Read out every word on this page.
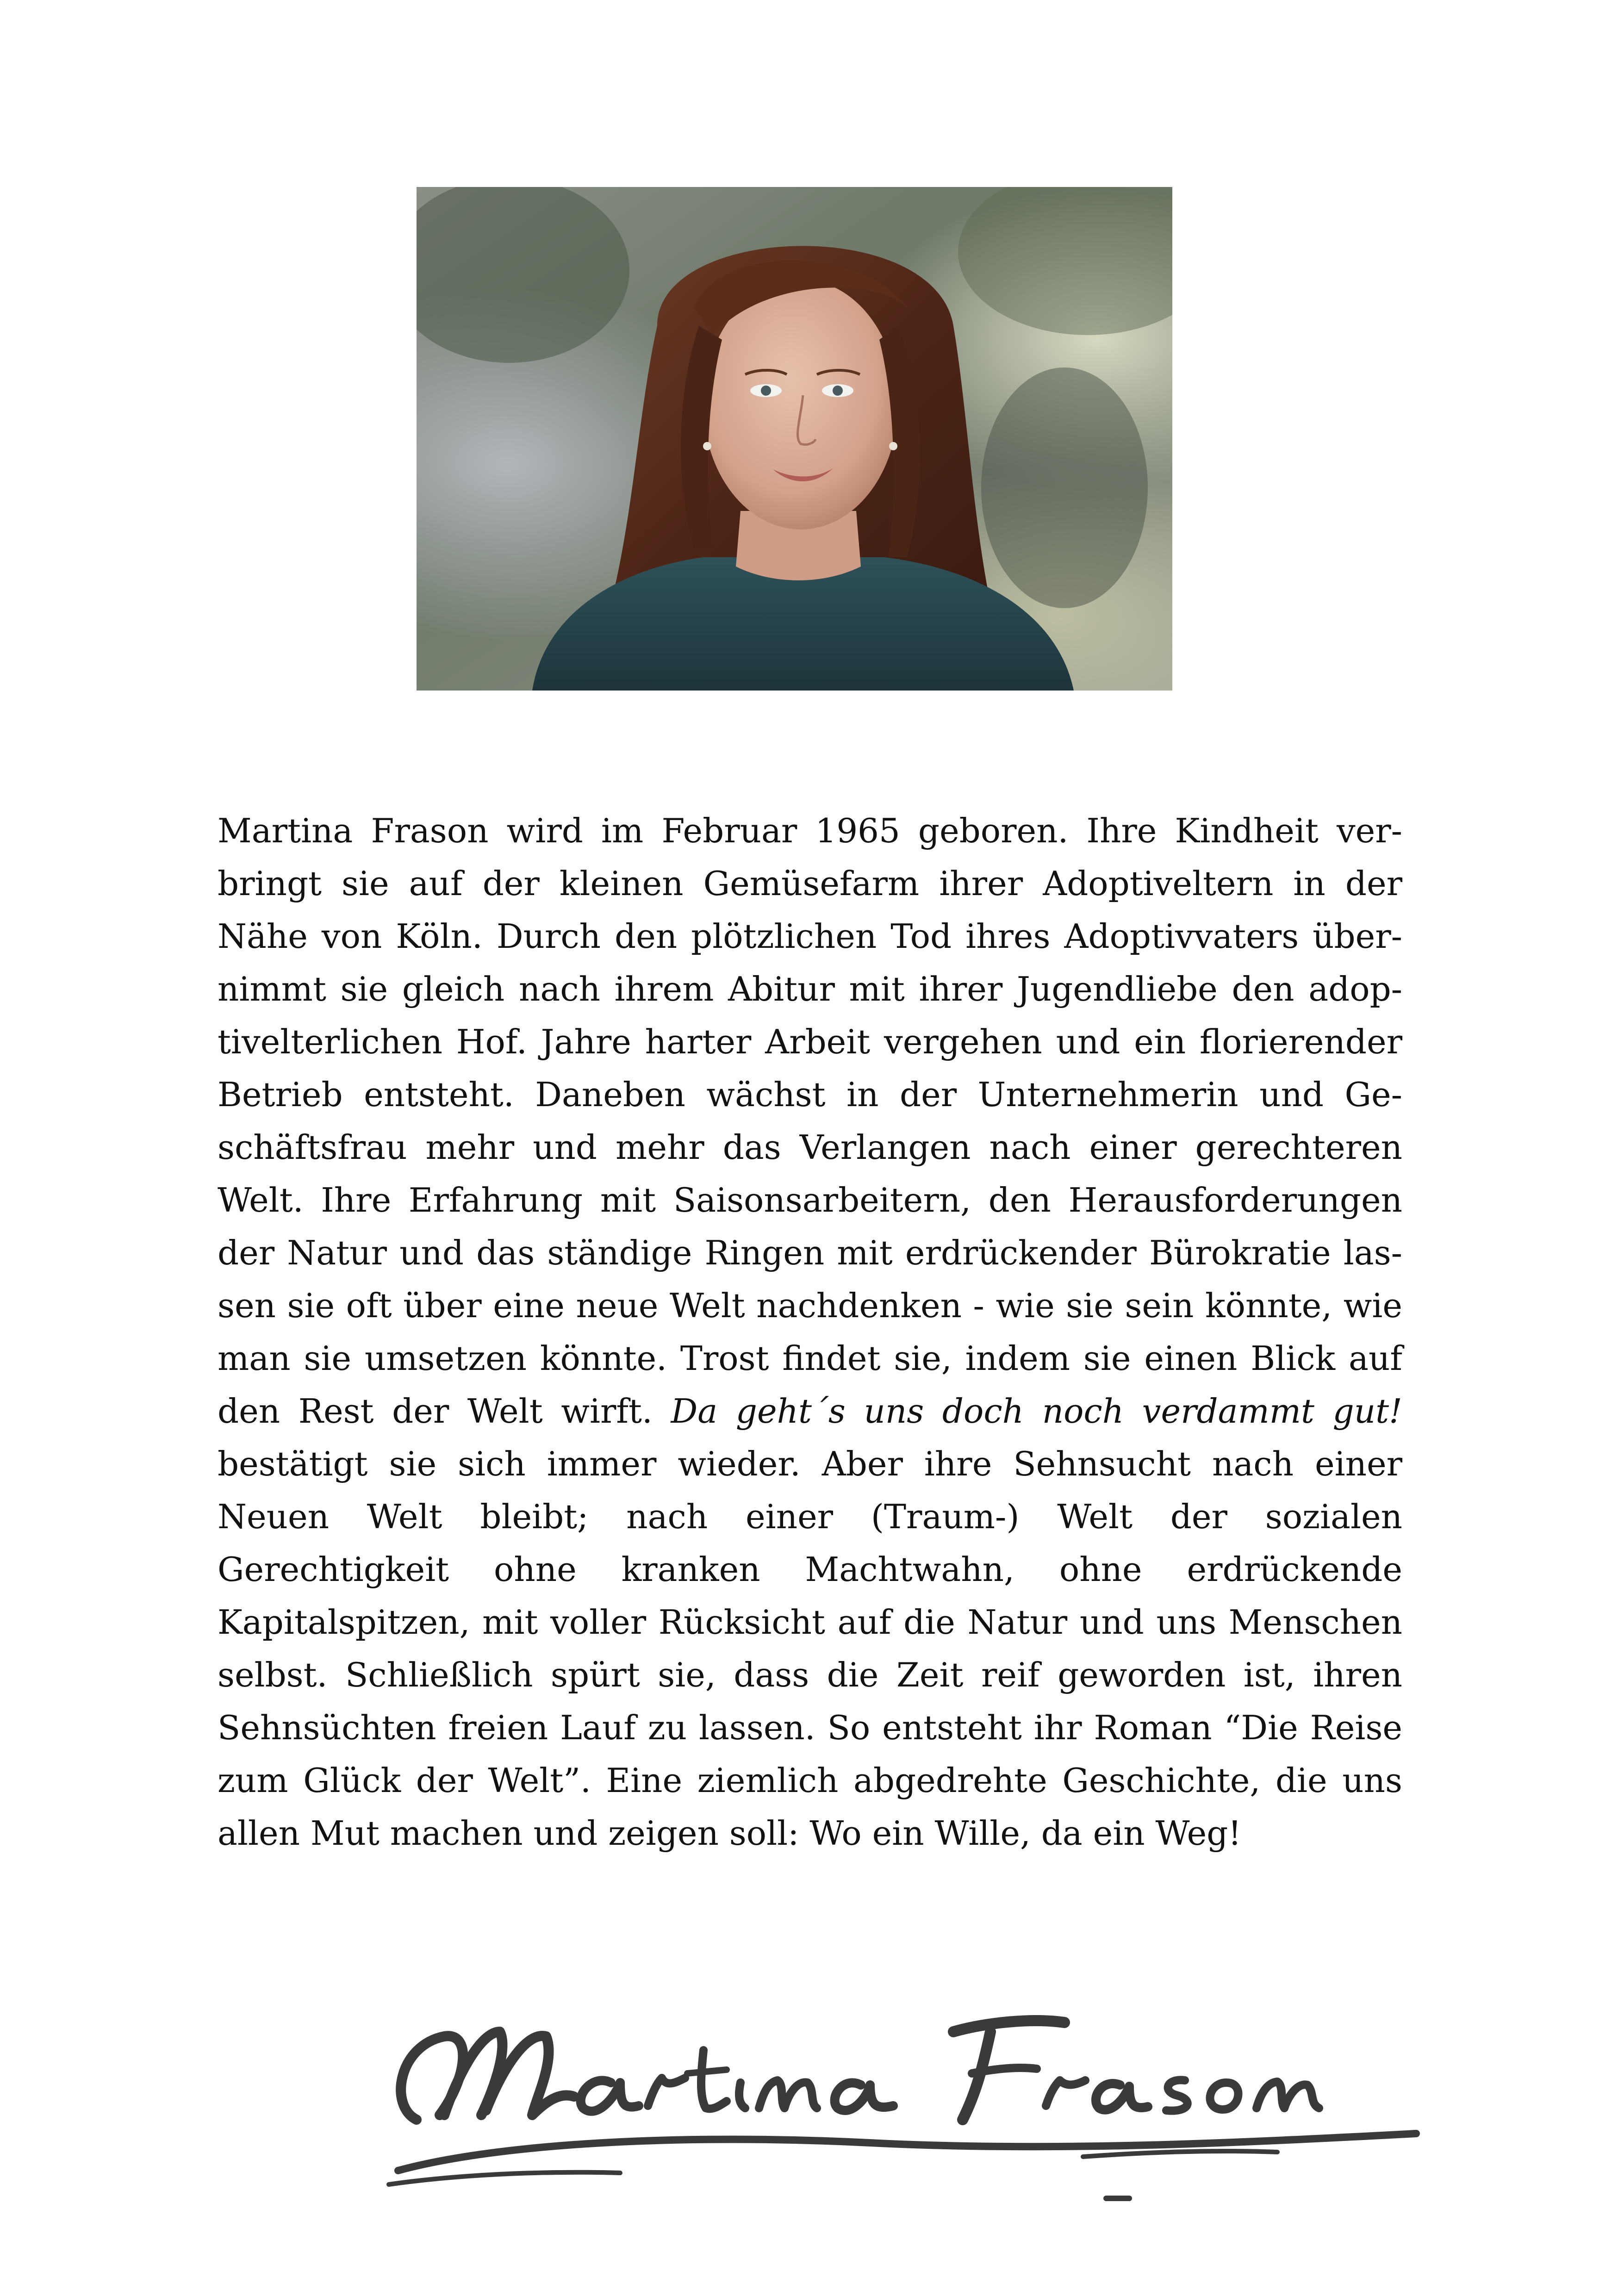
Martina Frason wird im Februar 1965 geboren. Ihre Kindheit verbringt sie auf der kleinen Gemüsefarm ihrer Adoptiveltern in der Nähe von Köln. Durch den plötzlichen Tod ihres Adoptivvaters übernimmt sie gleich nach ihrem Abitur mit ihrer Jugendliebe den adoptivelterlichen Hof. Jahre harter Arbeit vergehen und ein florierender Betrieb entsteht. Daneben wächst in der Unternehmerin und Geschäftsfrau mehr und mehr das Verlangen nach einer gerechteren Welt. Ihre Erfahrung mit Saisonsarbeitern, den Herausforderungen der Natur und das ständige Ringen mit erdrückender Bürokratie lassen sie oft über eine neue Welt nachdenken - wie sie sein könnte, wie man sie umsetzen könnte. Trost findet sie, indem sie einen Blick auf den Rest der Welt wirft. Da geht´s uns doch noch verdammt gut! bestätigt sie sich immer wieder. Aber ihre Sehnsucht nach einer Neuen Welt bleibt; nach einer (Traum-) Welt der sozialen Gerechtigkeit ohne kranken Machtwahn, ohne erdrückende Kapitalspitzen, mit voller Rücksicht auf die Natur und uns Menschen selbst. Schließlich spürt sie, dass die Zeit reif geworden ist, ihren Sehnsüchten freien Lauf zu lassen. So entsteht ihr Roman “Die Reise zum Glück der Welt”. Eine ziemlich abgedrehte Geschichte, die uns allen Mut machen und zeigen soll: Wo ein Wille, da ein Weg!
